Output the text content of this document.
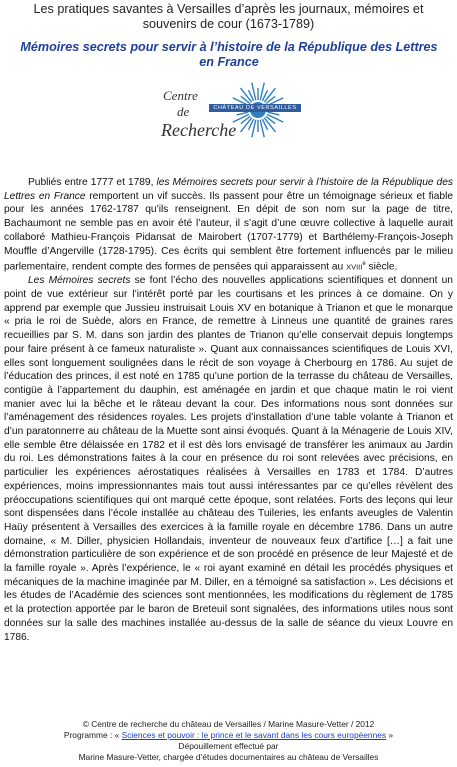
Les pratiques savantes à Versailles d’après les journaux, mémoires et souvenirs de cour (1673-1789)
Mémoires secrets pour servir à l’histoire de la République des Lettres en France
Centre
de
Recherche
CHÂTEAU DE VERSAILLES

Publiés entre 1777 et 1789, les Mémoires secrets pour servir à l’histoire de la République des Lettres en France remportent un vif succès. Ils passent pour être un témoignage sérieux et fiable pour les années 1762-1787 qu’ils renseignent. En dépit de son nom sur la page de titre, Bachaumont ne semble pas en avoir été l’auteur, il s’agit d’une œuvre collective à laquelle aurait collaboré Mathieu-François Pidansat de Mairobert (1707-1779) et Barthélemy-François-Joseph Mouffle d’Angerville (1728-1795). Ces écrits qui semblent être fortement influencés par le milieu parlementaire, rendent compte des formes de pensées qui apparaissent au XVIIIe siècle.

Les Mémoires secrets se font l’écho des nouvelles applications scientifiques et donnent un point de vue extérieur sur l’intérêt porté par les courtisans et les princes à ce domaine. On y apprend par exemple que Jussieu instruisait Louis XV en botanique à Trianon et que le monarque « pria le roi de Suède, alors en France, de remettre à Linneus une quantité de graines rares recueillies par S. M. dans son jardin des plantes de Trianon qu’elle conservait depuis longtemps pour faire présent à ce fameux naturaliste ». Quant aux connaissances scientifiques de Louis XVI, elles sont longuement soulignées dans le récit de son voyage à Cherbourg en 1786. Au sujet de l’éducation des princes, il est noté en 1785 qu’une portion de la terrasse du château de Versailles, contigüe à l’appartement du dauphin, est aménagée en jardin et que chaque matin le roi vient manier avec lui la bêche et le râteau devant la cour. Des informations nous sont données sur l’aménagement des résidences royales. Les projets d’installation d’une table volante à Trianon et d’un paratonnerre au château de la Muette sont ainsi évoqués. Quant à la Ménagerie de Louis XIV, elle semble être délaissée en 1782 et il est dès lors envisagé de transférer les animaux au Jardin du roi. Les démonstrations faites à la cour en présence du roi sont relevées avec précisions, en particulier les expériences aérostatiques réalisées à Versailles en 1783 et 1784. D’autres expériences, moins impressionnantes mais tout aussi intéressantes par ce qu’elles révèlent des préoccupations scientifiques qui ont marqué cette époque, sont relatées. Forts des leçons qui leur sont dispensées dans l’école installée au château des Tuileries, les enfants aveugles de Valentin Haüy présentent à Versailles des exercices à la famille royale en décembre 1786. Dans un autre domaine, « M. Diller, physicien Hollandais, inventeur de nouveaux feux d’artifice […] a fait une démonstration particulière de son expérience et de son procédé en présence de leur Majesté et de la famille royale ». Après l’expérience, le « roi ayant examiné en détail les procédés physiques et mécaniques de la machine imaginée par M. Diller, en a témoigné sa satisfaction ». Les décisions et les études de l’Académie des sciences sont mentionnées, les modifications du règlement de 1785 et la protection apportée par le baron de Breteuil sont signalées, des informations utiles nous sont données sur la salle des machines installée au-dessus de la salle de séance du vieux Louvre en 1786.

© Centre de recherche du château de Versailles / Marine Masure-Vetter / 2012
Programme : « Sciences et pouvoir : le prince et le savant dans les cours européennes »
Dépouillement effectué par
Marine Masure-Vetter, chargée d’études documentaires au château de Versailles
